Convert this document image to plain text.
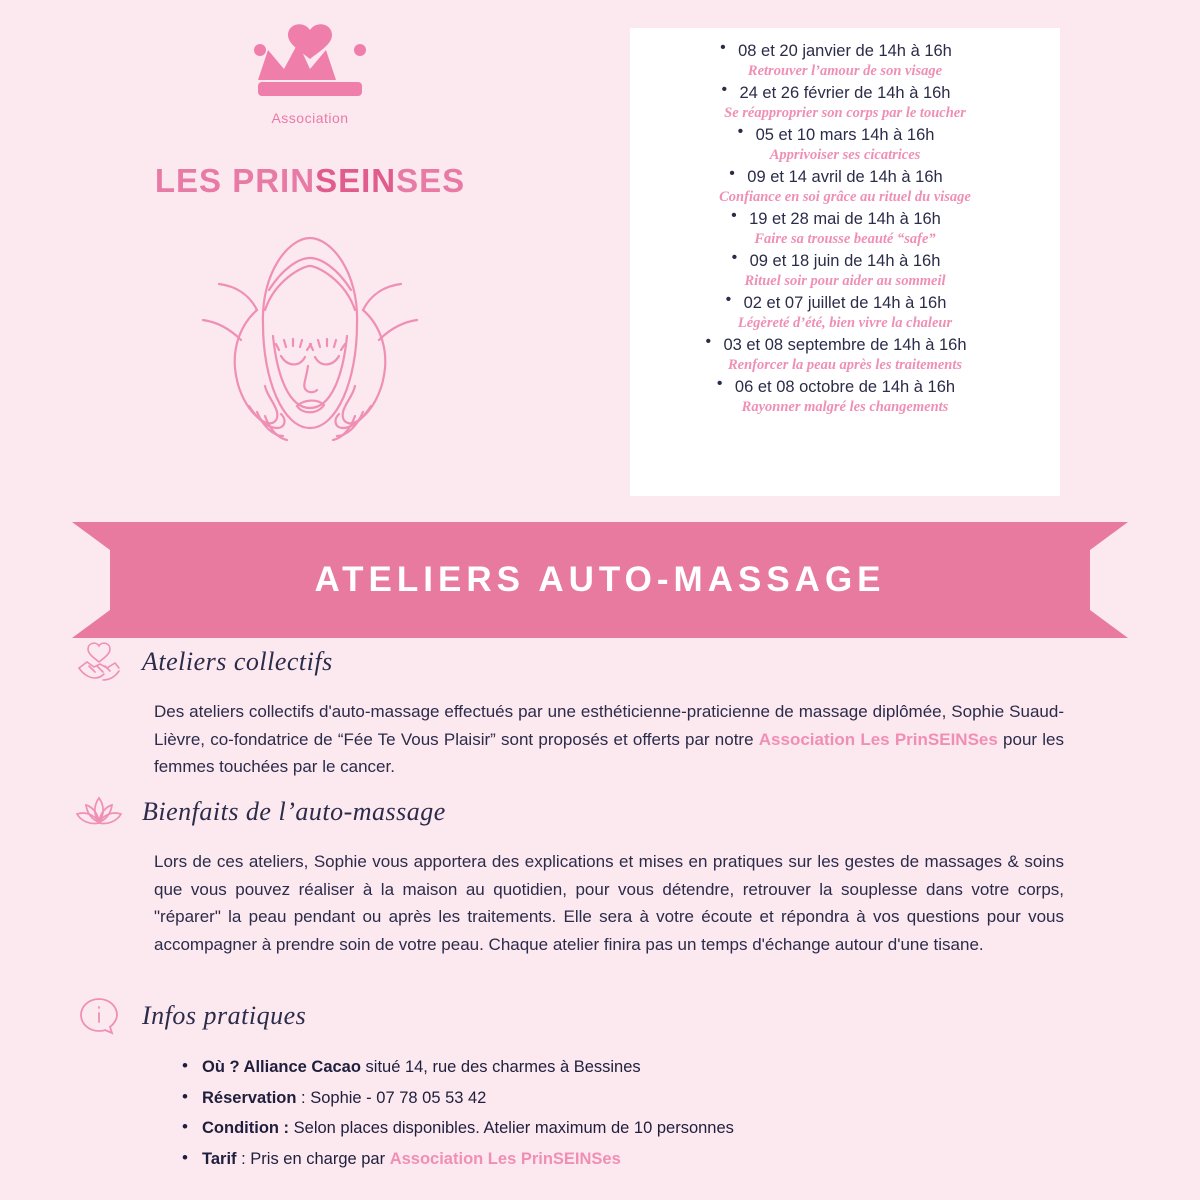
Association
LES PRINSEINSES
• 08 et 20 janvier de 14h à 16h
Retrouver l’amour de son visage
• 24 et 26 février de 14h à 16h
Se réapproprier son corps par le toucher
• 05 et 10 mars 14h à 16h
Apprivoiser ses cicatrices
• 09 et 14 avril de 14h à 16h
Confiance en soi grâce au rituel du visage
• 19 et 28 mai de 14h à 16h
Faire sa trousse beauté “safe”
• 09 et 18 juin de 14h à 16h
Rituel soir pour aider au sommeil
• 02 et 07 juillet de 14h à 16h
Légèreté d’été, bien vivre la chaleur
• 03 et 08 septembre de 14h à 16h
Renforcer la peau après les traitements
• 06 et 08 octobre de 14h à 16h
Rayonner malgré les changements
ATELIERS AUTO-MASSAGE
Ateliers collectifs
Des ateliers collectifs d'auto-massage effectués par une esthéticienne-praticienne de massage diplômée, Sophie Suaud-Lièvre, co-fondatrice de “Fée Te Vous Plaisir” sont proposés et offerts par notre Association Les PrinSEINSes pour les femmes touchées par le cancer.
Bienfaits de l’auto-massage
Lors de ces ateliers, Sophie vous apportera des explications et mises en pratiques sur les gestes de massages & soins que vous pouvez réaliser à la maison au quotidien, pour vous détendre, retrouver la souplesse dans votre corps, "réparer" la peau pendant ou après les traitements. Elle sera à votre écoute et répondra à vos questions pour vous accompagner à prendre soin de votre peau. Chaque atelier finira pas un temps d'échange autour d'une tisane.
Infos pratiques
• Où ? Alliance Cacao situé 14, rue des charmes à Bessines
• Réservation : Sophie - 07 78 05 53 42
• Condition : Selon places disponibles. Atelier maximum de 10 personnes
• Tarif : Pris en charge par Association Les PrinSEINSes
